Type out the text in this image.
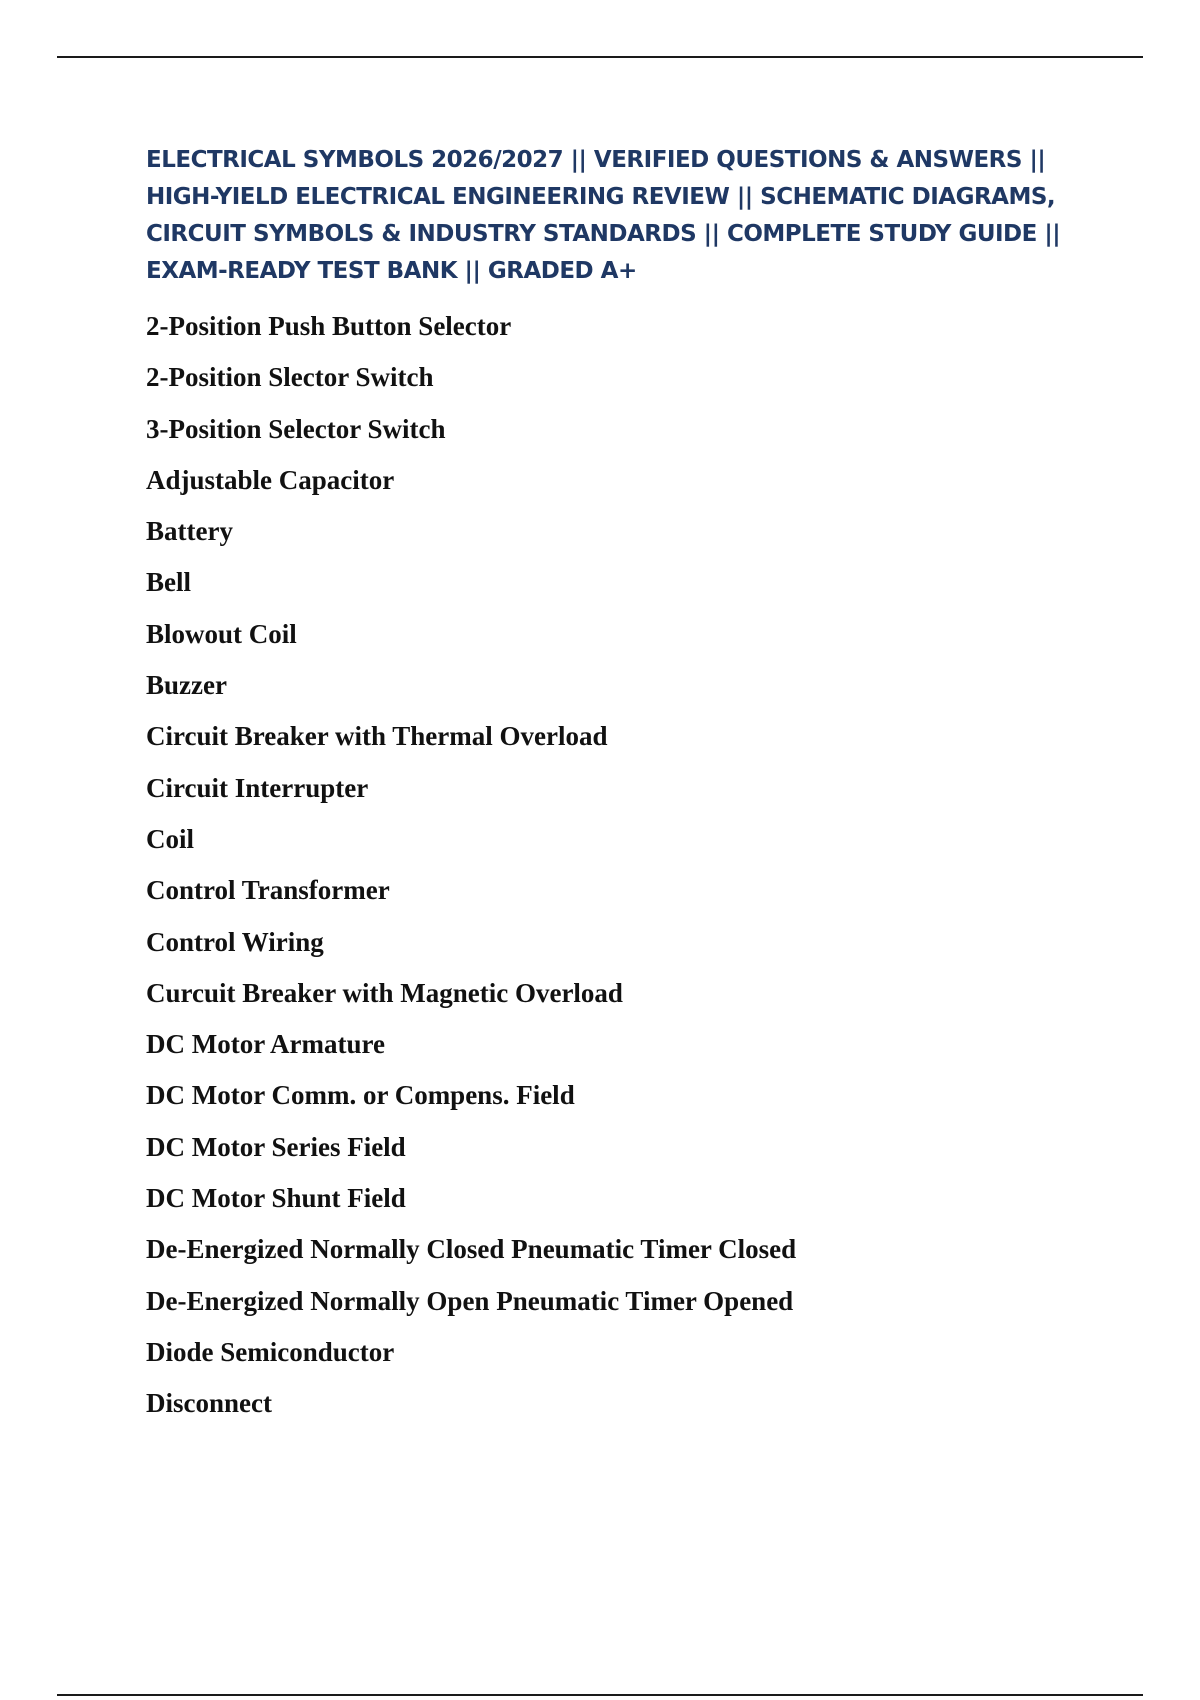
ELECTRICAL SYMBOLS 2026/2027 || VERIFIED QUESTIONS & ANSWERS || HIGH-YIELD ELECTRICAL ENGINEERING REVIEW || SCHEMATIC DIAGRAMS, CIRCUIT SYMBOLS & INDUSTRY STANDARDS || COMPLETE STUDY GUIDE || EXAM-READY TEST BANK || GRADED A+
2-Position Push Button Selector
2-Position Slector Switch
3-Position Selector Switch
Adjustable Capacitor
Battery
Bell
Blowout Coil
Buzzer
Circuit Breaker with Thermal Overload
Circuit Interrupter
Coil
Control Transformer
Control Wiring
Curcuit Breaker with Magnetic Overload
DC Motor Armature
DC Motor Comm. or Compens. Field
DC Motor Series Field
DC Motor Shunt Field
De-Energized Normally Closed Pneumatic Timer Closed
De-Energized Normally Open Pneumatic Timer Opened
Diode Semiconductor
Disconnect
